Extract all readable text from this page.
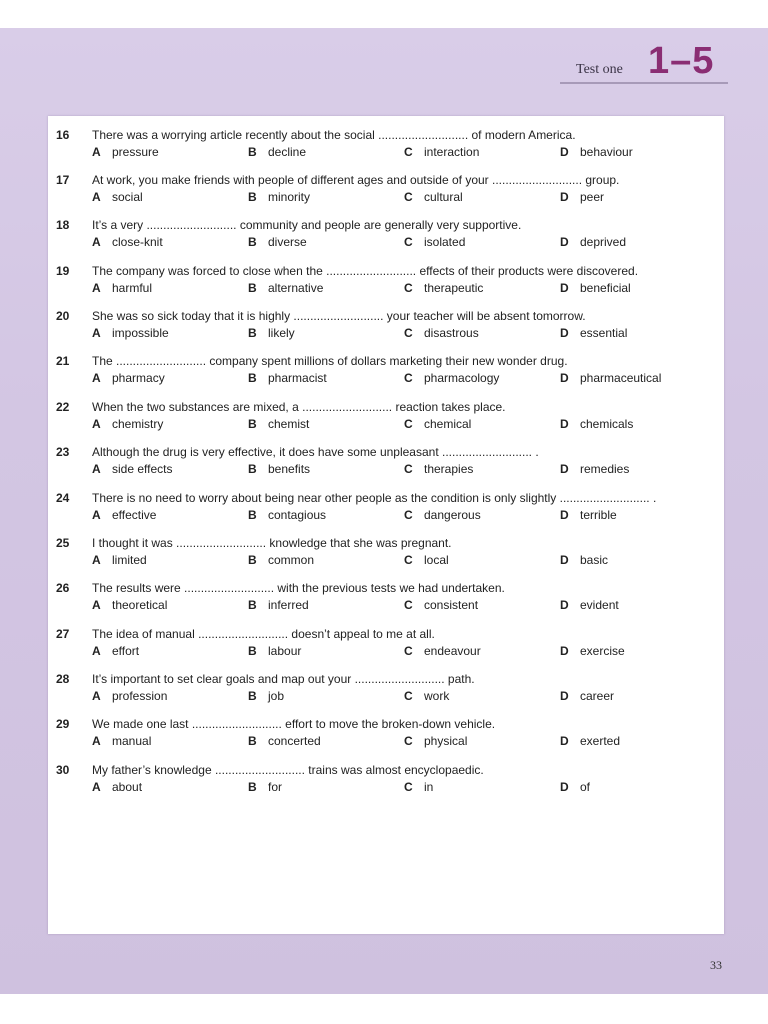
Test one 1–5
16 There was a worrying article recently about the social ........................... of modern America.
A pressure	B decline	C interaction	D behaviour
17 At work, you make friends with people of different ages and outside of your ........................... group.
A social	B minority	C cultural	D peer
18 It’s a very ........................... community and people are generally very supportive.
A close-knit	B diverse	C isolated	D deprived
19 The company was forced to close when the ........................... effects of their products were discovered.
A harmful	B alternative	C therapeutic	D beneficial
20 She was so sick today that it is highly ........................... your teacher will be absent tomorrow.
A impossible	B likely	C disastrous	D essential
21 The ........................... company spent millions of dollars marketing their new wonder drug.
A pharmacy	B pharmacist	C pharmacology	D pharmaceutical
22 When the two substances are mixed, a ........................... reaction takes place.
A chemistry	B chemist	C chemical	D chemicals
23 Although the drug is very effective, it does have some unpleasant ........................... .
A side effects	B benefits	C therapies	D remedies
24 There is no need to worry about being near other people as the condition is only slightly ........................... .
A effective	B contagious	C dangerous	D terrible
25 I thought it was ........................... knowledge that she was pregnant.
A limited	B common	C local	D basic
26 The results were ........................... with the previous tests we had undertaken.
A theoretical	B inferred	C consistent	D evident
27 The idea of manual ........................... doesn’t appeal to me at all.
A effort	B labour	C endeavour	D exercise
28 It’s important to set clear goals and map out your ........................... path.
A profession	B job	C work	D career
29 We made one last ........................... effort to move the broken-down vehicle.
A manual	B concerted	C physical	D exerted
30 My father’s knowledge ........................... trains was almost encyclopaedic.
A about	B for	C in	D of
33
